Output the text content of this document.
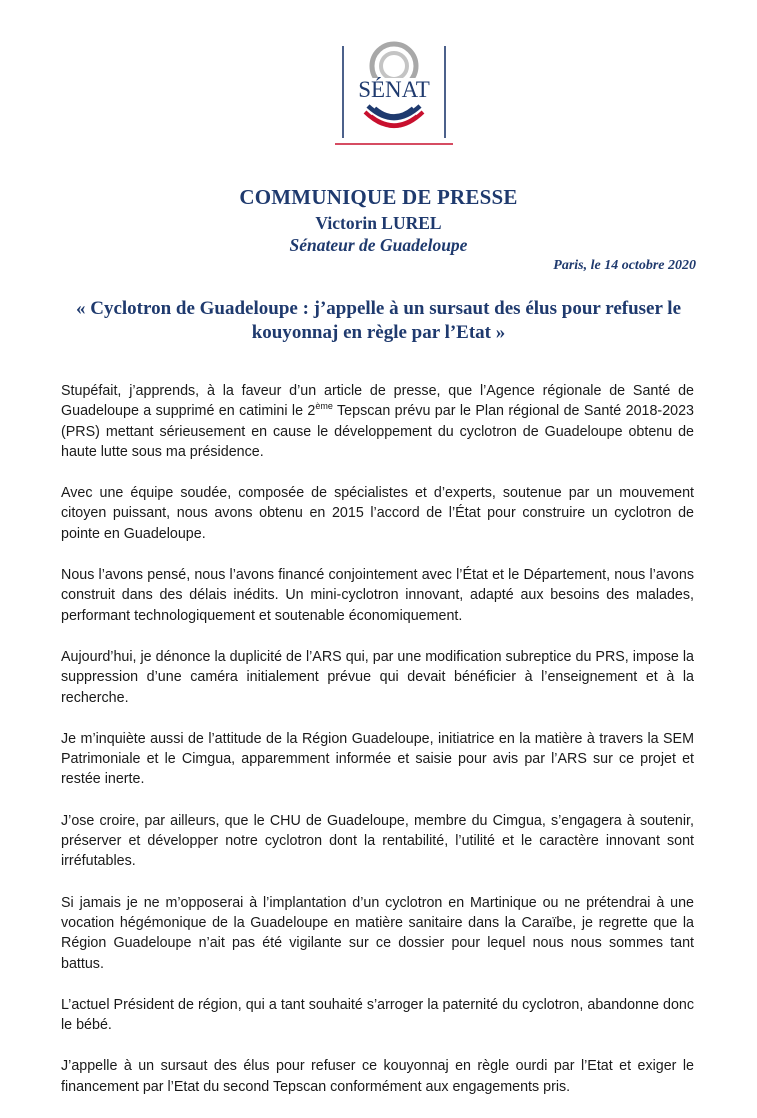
SÉNAT
COMMUNIQUE DE PRESSE
Victorin LUREL
Sénateur de Guadeloupe
Paris, le 14 octobre 2020
« Cyclotron de Guadeloupe : j’appelle à un sursaut des élus pour refuser le kouyonnaj en règle par l’Etat »

Stupéfait, j’apprends, à la faveur d’un article de presse, que l’Agence régionale de Santé de Guadeloupe a supprimé en catimini le 2ème Tepscan prévu par le Plan régional de Santé 2018-2023 (PRS) mettant sérieusement en cause le développement du cyclotron de Guadeloupe obtenu de haute lutte sous ma présidence.

Avec une équipe soudée, composée de spécialistes et d’experts, soutenue par un mouvement citoyen puissant, nous avons obtenu en 2015 l’accord de l’État pour construire un cyclotron de pointe en Guadeloupe.

Nous l’avons pensé, nous l’avons financé conjointement avec l’État et le Département, nous l’avons construit dans des délais inédits. Un mini-cyclotron innovant, adapté aux besoins des malades, performant technologiquement et soutenable économiquement.

Aujourd’hui, je dénonce la duplicité de l’ARS qui, par une modification subreptice du PRS, impose la suppression d’une caméra initialement prévue qui devait bénéficier à l’enseignement et à la recherche.

Je m’inquiète aussi de l’attitude de la Région Guadeloupe, initiatrice en la matière à travers la SEM Patrimoniale et le Cimgua, apparemment informée et saisie pour avis par l’ARS sur ce projet et restée inerte.

J’ose croire, par ailleurs, que le CHU de Guadeloupe, membre du Cimgua, s’engagera à soutenir, préserver et développer notre cyclotron dont la rentabilité, l’utilité et le caractère innovant sont irréfutables.

Si jamais je ne m’opposerai à l’implantation d’un cyclotron en Martinique ou ne prétendrai à une vocation hégémonique de la Guadeloupe en matière sanitaire dans la Caraïbe, je regrette que la Région Guadeloupe n’ait pas été vigilante sur ce dossier pour lequel nous nous sommes tant battus.

L’actuel Président de région, qui a tant souhaité s’arroger la paternité du cyclotron, abandonne donc le bébé.

J’appelle à un sursaut des élus pour refuser ce kouyonnaj en règle ourdi par l’Etat et exiger le financement par l’Etat du second Tepscan conformément aux engagements pris.
